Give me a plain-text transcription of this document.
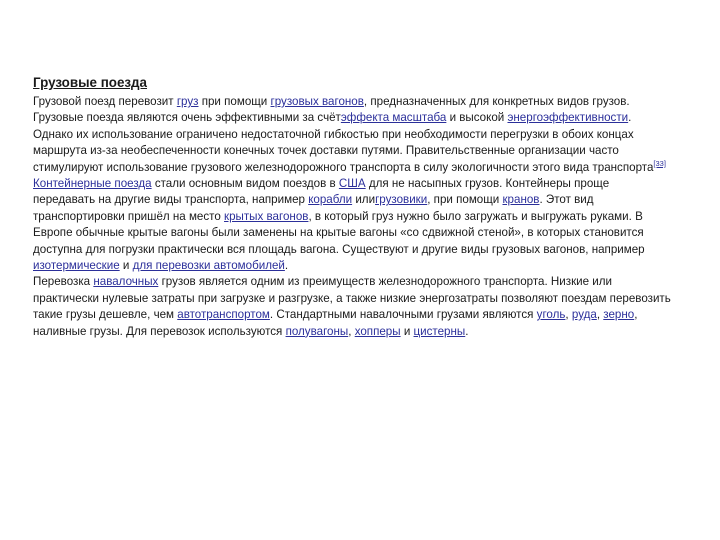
Грузовые поезда

Грузовой поезд перевозит груз при помощи грузовых вагонов, предназначенных для конкретных видов грузов. Грузовые поезда являются очень эффективными за счётэффекта масштаба и высокой энергоэффективности. Однако их использование ограничено недостаточной гибкостью при необходимости перегрузки в обоих концах маршрута из-за необеспеченности конечных точек доставки путями. Правительственные организации часто стимулируют использование грузового железнодорожного транспорта в силу экологичности этого вида транспорта[33]

Контейнерные поезда стали основным видом поездов в США для не насыпных грузов. Контейнеры проще передавать на другие виды транспорта, например корабли илигрузовики, при помощи кранов. Этот вид транспортировки пришёл на место крытых вагонов, в который груз нужно было загружать и выгружать руками. В Европе обычные крытые вагоны были заменены на крытые вагоны «со сдвижной стеной», в которых становится доступна для погрузки практически вся площадь вагона. Существуют и другие виды грузовых вагонов, например изотермические и для перевозки автомобилей.

Перевозка навалочных грузов является одним из преимуществ железнодорожного транспорта. Низкие или практически нулевые затраты при загрузке и разгрузке, а также низкие энергозатраты позволяют поездам перевозить такие грузы дешевле, чем автотранспортом. Стандартными навалочными грузами являются уголь, руда, зерно, наливные грузы. Для перевозок используются полувагоны, хопперы и цистерны.
